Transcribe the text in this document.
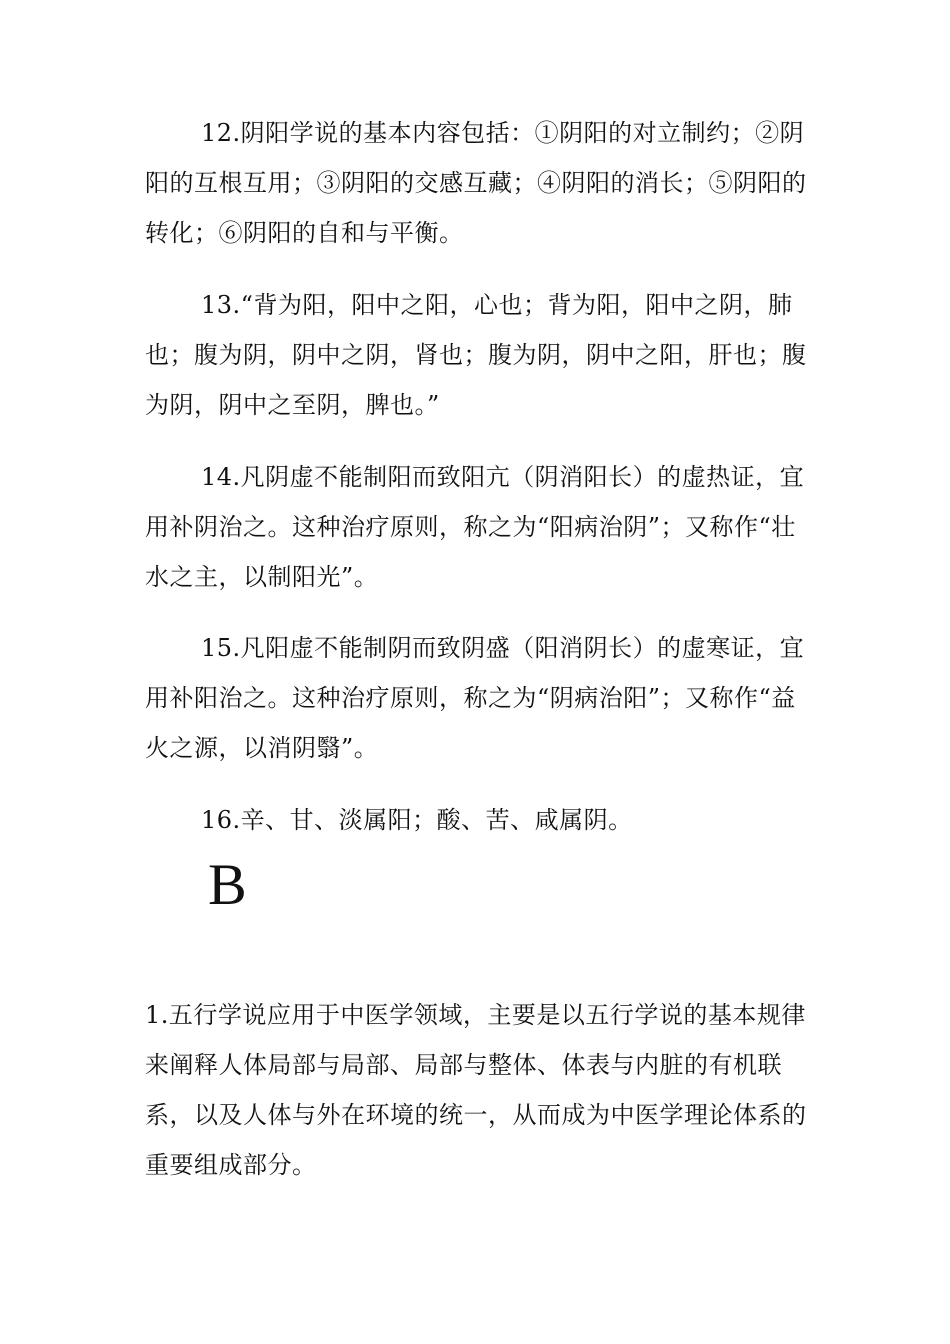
12.阴阳学说的基本内容包括：①阴阳的对立制约；②阴阳的互根互用；③阴阳的交感互藏；④阴阳的消长；⑤阴阳的转化；⑥阴阳的自和与平衡。

13.“背为阳，阳中之阳，心也；背为阳，阳中之阴，肺也；腹为阴，阴中之阴，肾也；腹为阴，阴中之阳，肝也；腹为阴，阴中之至阴，脾也。”

14.凡阴虚不能制阳而致阳亢（阴消阳长）的虚热证，宜用补阴治之。这种治疗原则，称之为“阳病治阴”；又称作“壮水之主，以制阳光”。

15.凡阳虚不能制阴而致阴盛（阳消阴长）的虚寒证，宜用补阳治之。这种治疗原则，称之为“阴病治阳”；又称作“益火之源，以消阴翳”。

16.辛、甘、淡属阳；酸、苦、咸属阴。

B

1.五行学说应用于中医学领域，主要是以五行学说的基本规律来阐释人体局部与局部、局部与整体、体表与内脏的有机联系，以及人体与外在环境的统一，从而成为中医学理论体系的重要组成部分。
